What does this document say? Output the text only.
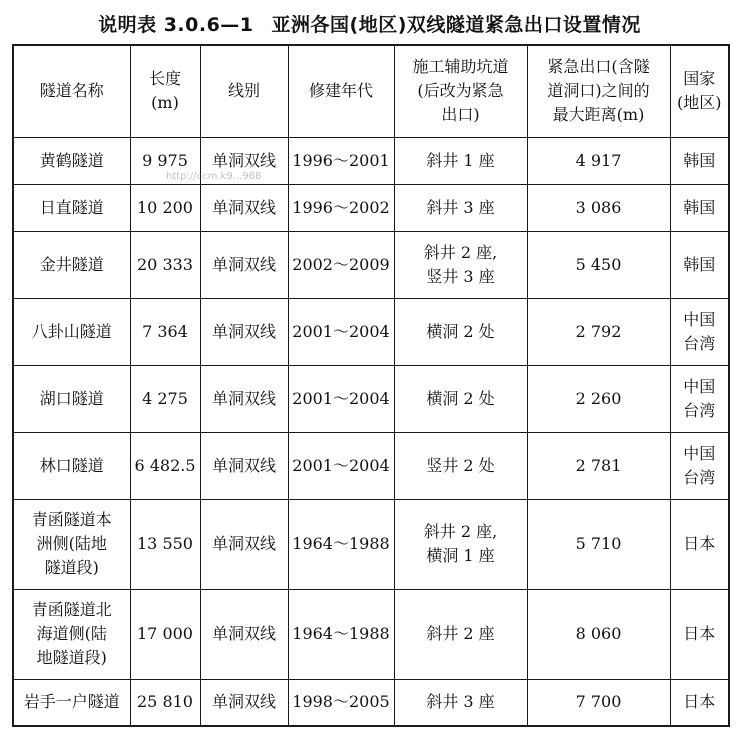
说明表 3.0.6—1 亚洲各国(地区)双线隧道紧急出口设置情况
隧道名称	长度
(m)	线别	修建年代	施工辅助坑道
(后改为紧急
出口)	紧急出口(含隧
道洞口)之间的
最大距离(m)	国家
(地区)
黄鹤隧道	9 975	单洞双线	1996～2001	斜井 1 座	4 917	韩国
日直隧道	10 200	单洞双线	1996～2002	斜井 3 座	3 086	韩国
金井隧道	20 333	单洞双线	2002～2009	斜井 2 座,
竖井 3 座	5 450	韩国
八卦山隧道	7 364	单洞双线	2001～2004	横洞 2 处	2 792	中国
台湾
湖口隧道	4 275	单洞双线	2001～2004	横洞 2 处	2 260	中国
台湾
林口隧道	6 482.5	单洞双线	2001～2004	竖井 2 处	2 781	中国
台湾
青函隧道本
洲侧(陆地
隧道段)	13 550	单洞双线	1964～1988	斜井 2 座,
横洞 1 座	5 710	日本
青函隧道北
海道侧(陆
地隧道段)	17 000	单洞双线	1964～1988	斜井 2 座	8 060	日本
岩手一户隧道	25 810	单洞双线	1998～2005	斜井 3 座	7 700	日本
http://ccm.k9...968
